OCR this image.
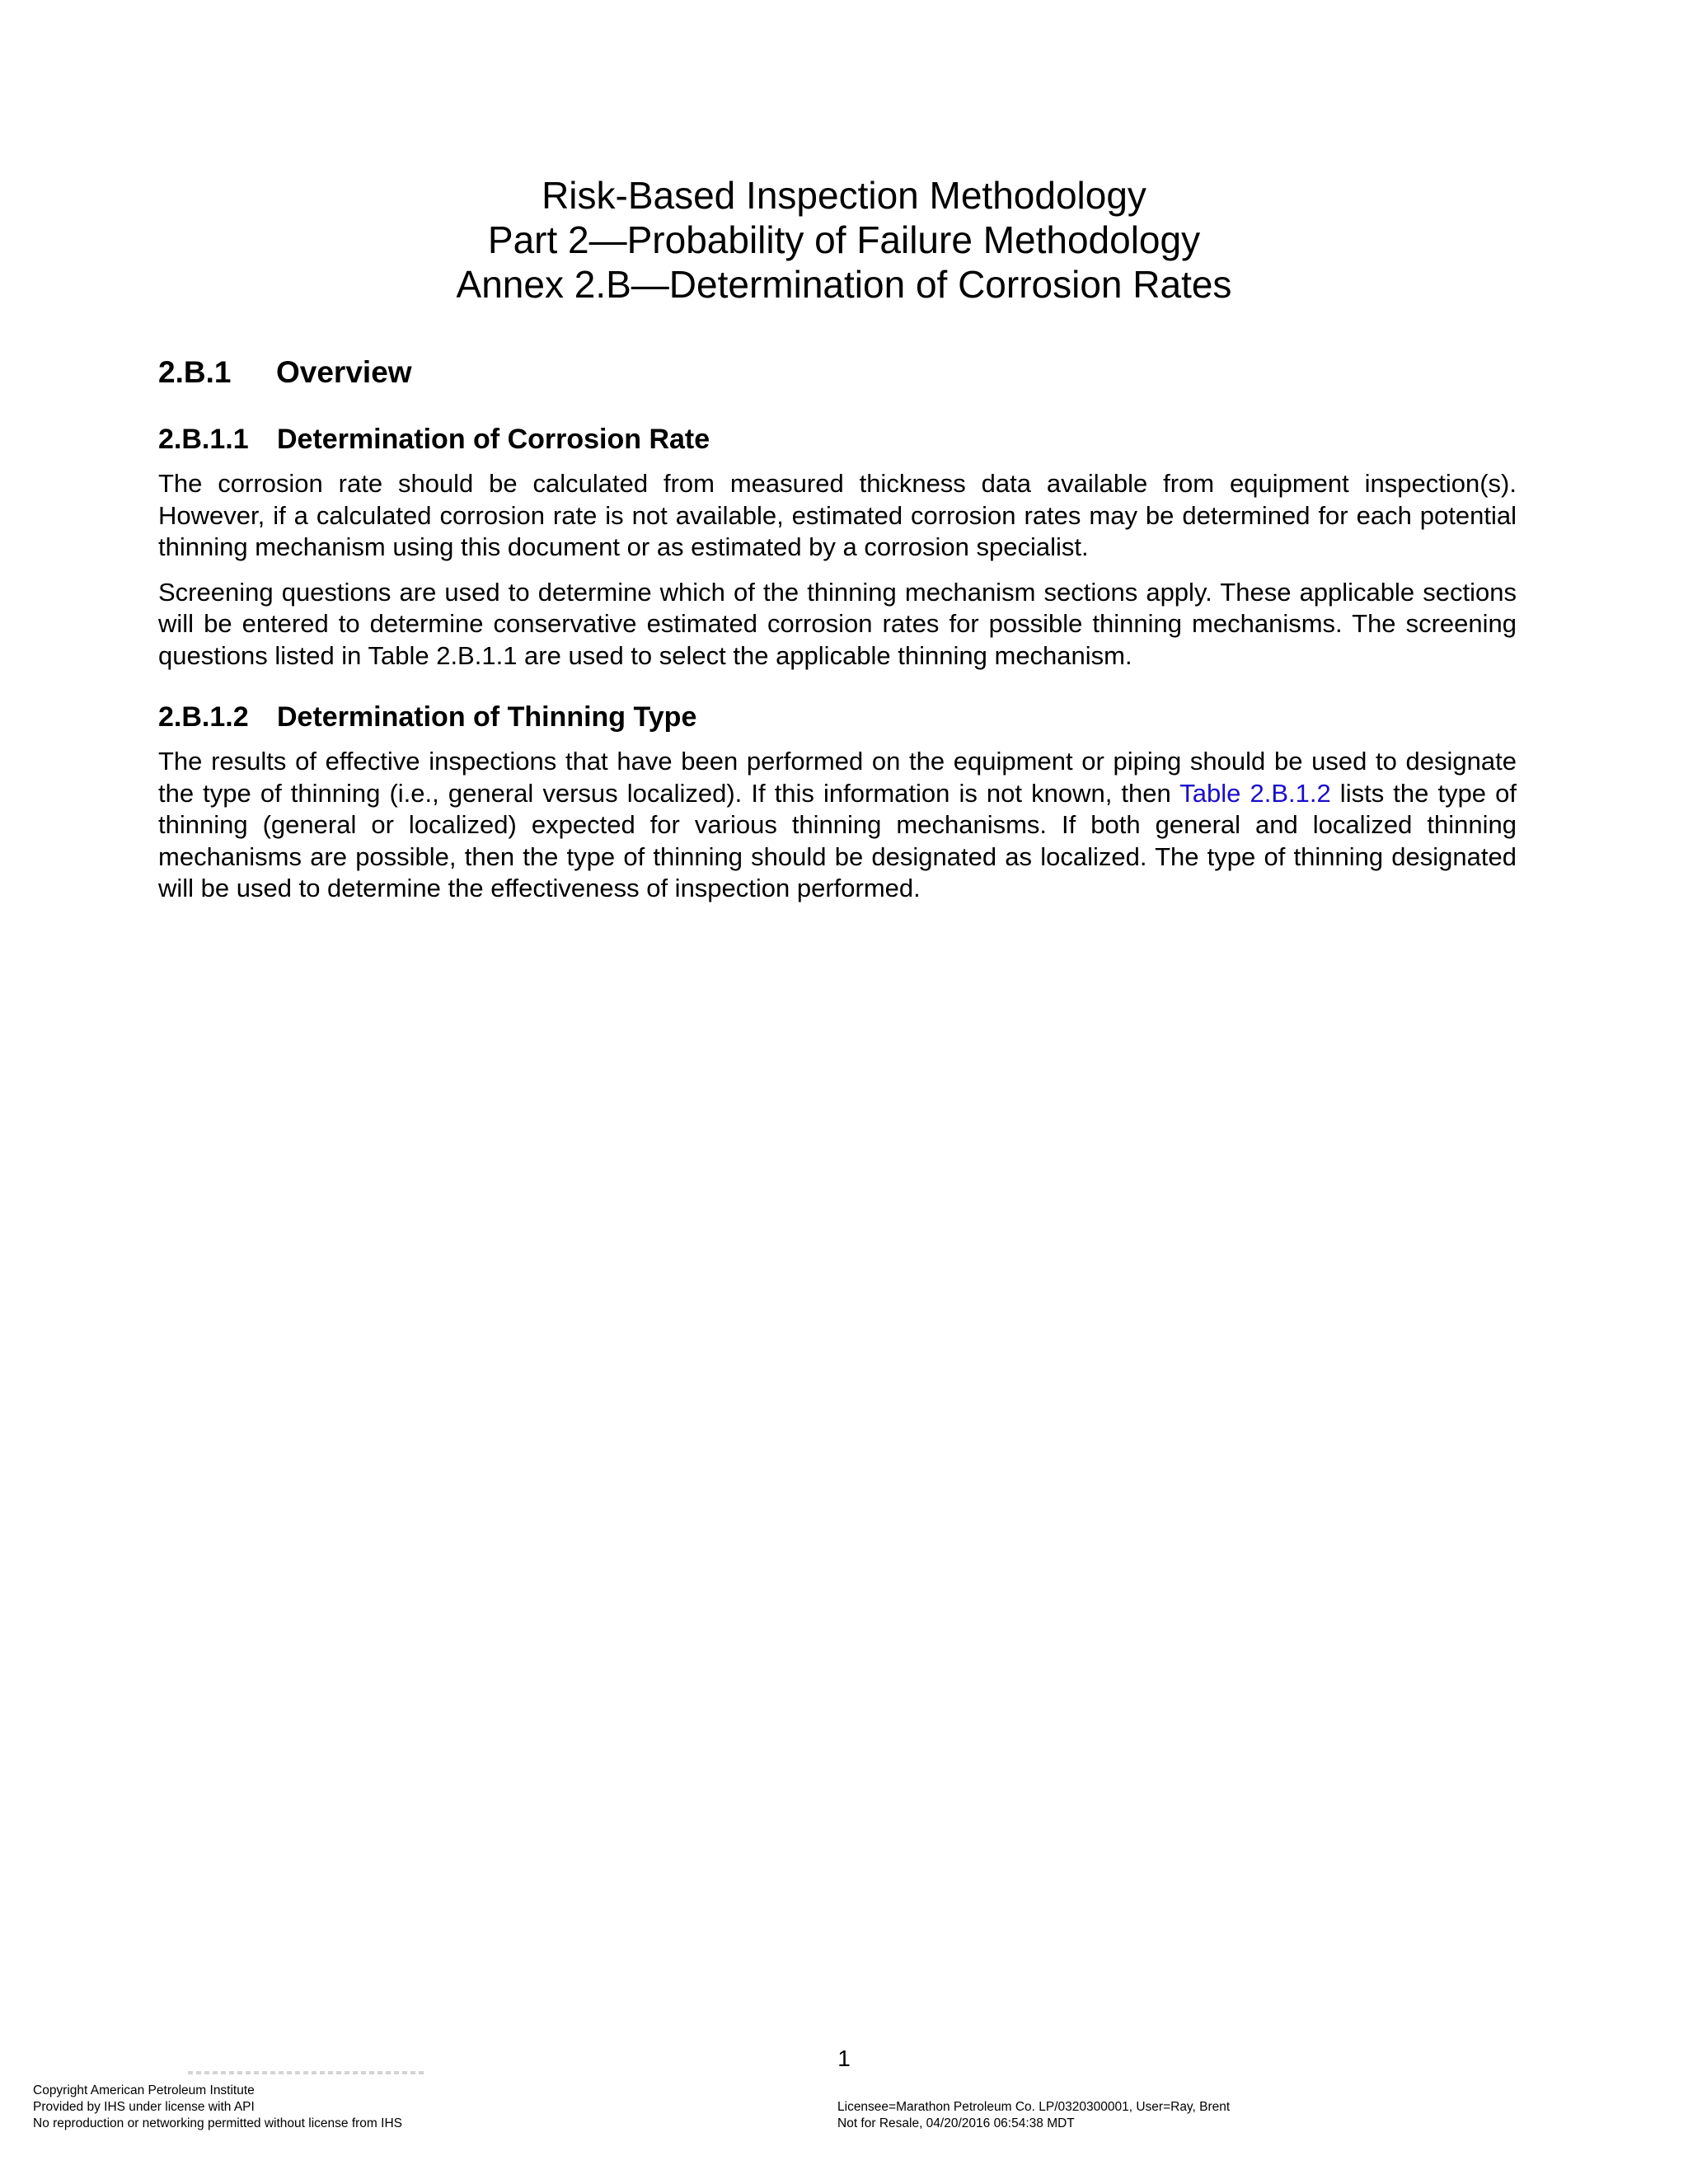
Risk-Based Inspection Methodology
Part 2—Probability of Failure Methodology
Annex 2.B—Determination of Corrosion Rates
2.B.1 Overview
2.B.1.1 Determination of Corrosion Rate

The corrosion rate should be calculated from measured thickness data available from equipment inspection(s). However, if a calculated corrosion rate is not available, estimated corrosion rates may be determined for each potential thinning mechanism using this document or as estimated by a corrosion specialist.

Screening questions are used to determine which of the thinning mechanism sections apply. These applicable sections will be entered to determine conservative estimated corrosion rates for possible thinning mechanisms. The screening questions listed in Table 2.B.1.1 are used to select the applicable thinning mechanism.

2.B.1.2 Determination of Thinning Type

The results of effective inspections that have been performed on the equipment or piping should be used to designate the type of thinning (i.e., general versus localized). If this information is not known, then Table 2.B.1.2 lists the type of thinning (general or localized) expected for various thinning mechanisms. If both general and localized thinning mechanisms are possible, then the type of thinning should be designated as localized. The type of thinning designated will be used to determine the effectiveness of inspection performed.

1
Copyright American Petroleum Institute
Provided by IHS under license with API
No reproduction or networking permitted without license from IHS
Licensee=Marathon Petroleum Co. LP/0320300001, User=Ray, Brent
Not for Resale, 04/20/2016 06:54:38 MDT
